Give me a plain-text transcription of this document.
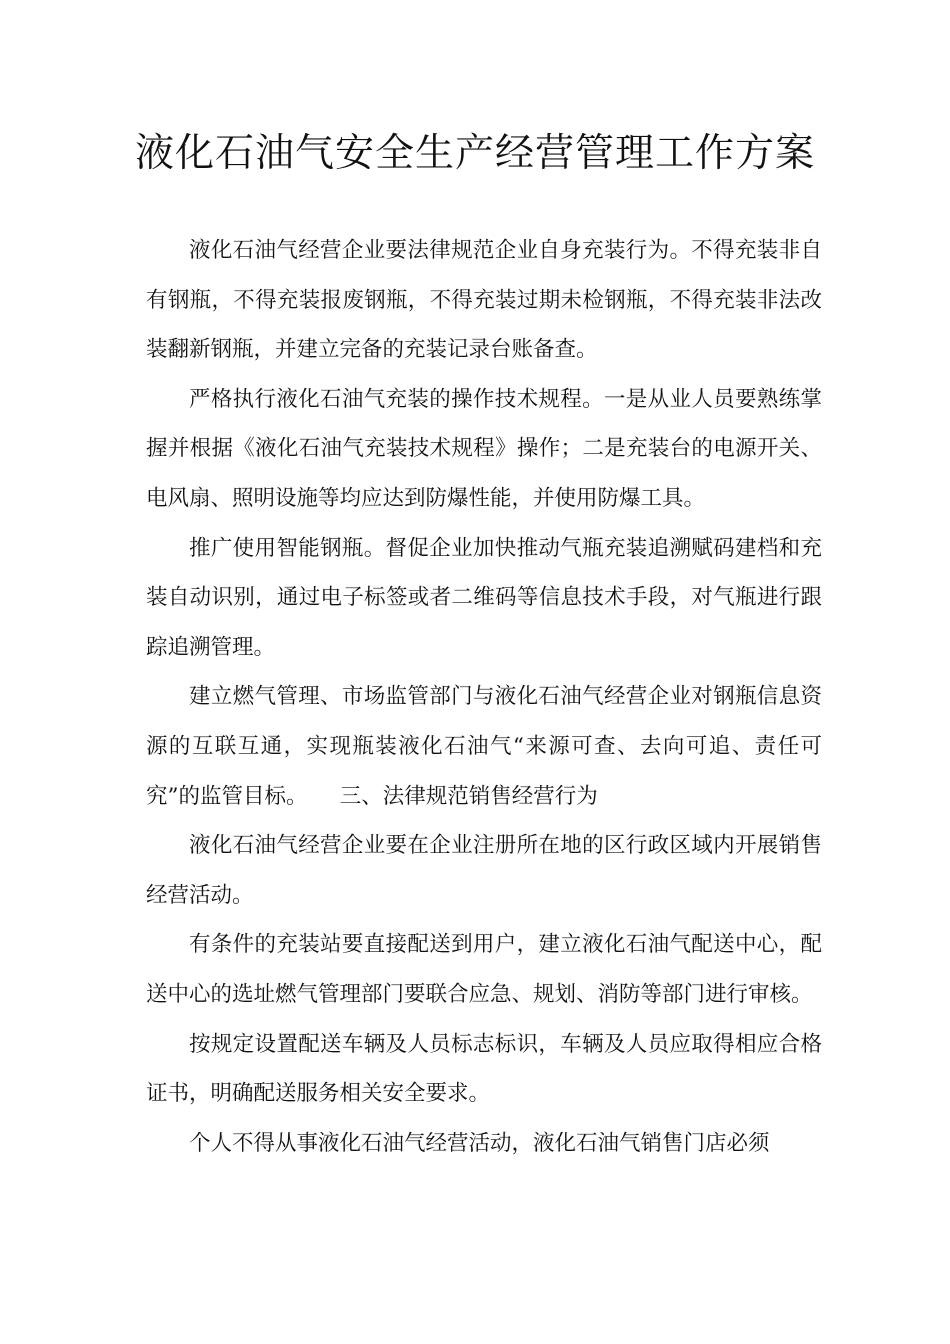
液化石油气安全生产经营管理工作方案

液化石油气经营企业要法律规范企业自身充装行为。不得充装非自有钢瓶，不得充装报废钢瓶，不得充装过期未检钢瓶，不得充装非法改装翻新钢瓶，并建立完备的充装记录台账备查。

严格执行液化石油气充装的操作技术规程。一是从业人员要熟练掌握并根据《液化石油气充装技术规程》操作；二是充装台的电源开关、电风扇、照明设施等均应达到防爆性能，并使用防爆工具。

推广使用智能钢瓶。督促企业加快推动气瓶充装追溯赋码建档和充装自动识别，通过电子标签或者二维码等信息技术手段，对气瓶进行跟踪追溯管理。

建立燃气管理、市场监管部门与液化石油气经营企业对钢瓶信息资源的互联互通，实现瓶装液化石油气“来源可查、去向可追、责任可究”的监管目标。　　三、法律规范销售经营行为

液化石油气经营企业要在企业注册所在地的区行政区域内开展销售经营活动。

有条件的充装站要直接配送到用户，建立液化石油气配送中心，配送中心的选址燃气管理部门要联合应急、规划、消防等部门进行审核。

按规定设置配送车辆及人员标志标识，车辆及人员应取得相应合格证书，明确配送服务相关安全要求。

个人不得从事液化石油气经营活动，液化石油气销售门店必须
